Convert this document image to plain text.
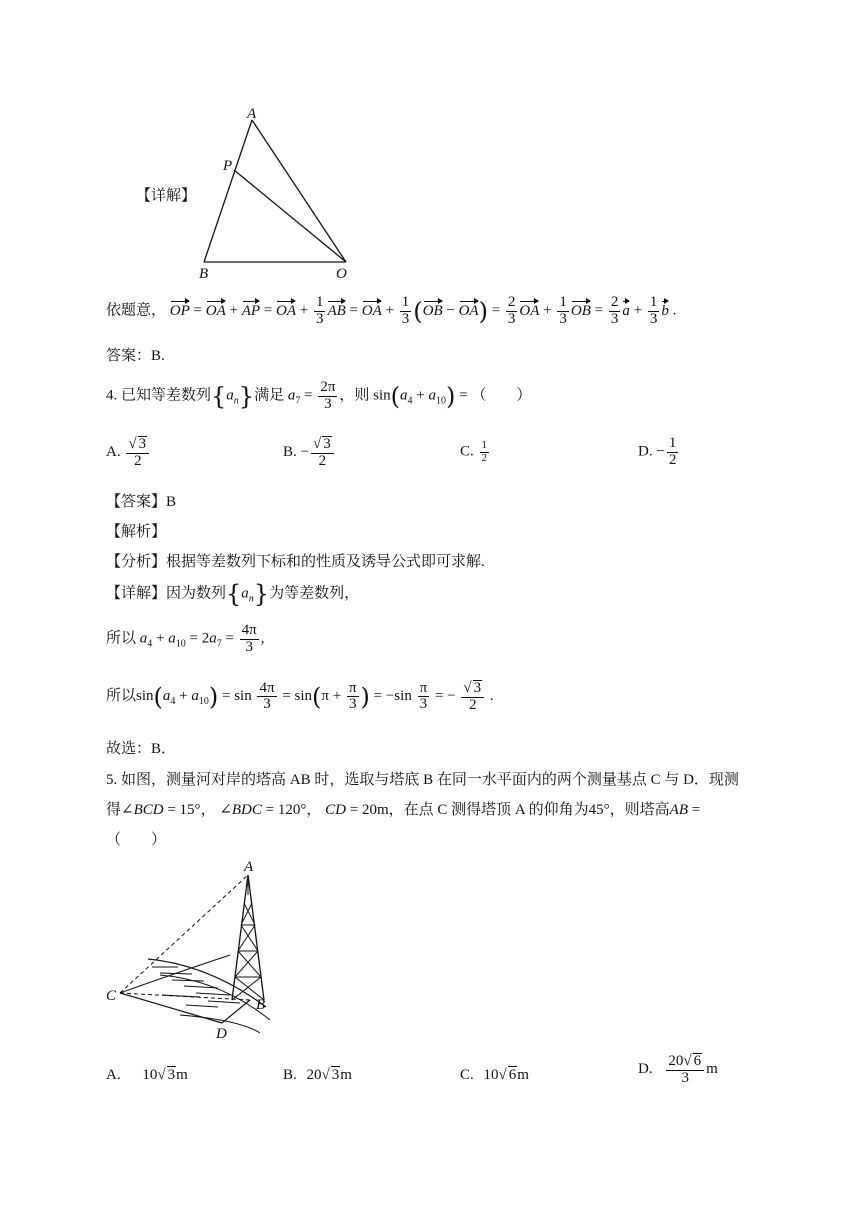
【详解】
A
P
B	O
依题意， OP = OA + AP = OA + $\frac{1}{3}$ AB = OA + $\frac{1}{3} (OB - OA) = \frac{2}{3}$ OA + $\frac{1}{3}$ OB = $\frac{2}{3}$ $a + \frac{1}{3}$ b .
答案：B.
4. 已知等差数列$\{a_n\}$满足 $a_7 = \frac{2\pi}{3}$ ，则 $\sin(a_4 + a_{10})$ = （　　）
A. √ $\frac{3}{2}$	B. − √ $\frac{3}{2}$	C. $\frac{1}{2}$	D. − $\frac{1}{2}$
【答案】B
【解析】
【分析】根据等差数列下标和的性质及诱导公式即可求解.
【详解】因为数列$\{a_n\}$为等差数列，
所以 $a_4 + a_{10} = 2a_7 = \frac{4\pi}{3}$ ,
所以$\sin(a_4 + a_{10}) = \sin \frac{4\pi}{3} = \sin(\pi + \frac{\pi}{3}$ ) = $-\sin \frac{\pi}{3}$ = − √ $\frac{3}{2}$ .
故选：B．
5. 如图，测量河对岸的塔高 AB 时，选取与塔底 B 在同一水平面内的两个测量基点 C 与 D．现测
得∠BCD = 15°， ∠BDC = 120°， CD = 20m，在点 C 测得塔顶 A 的仰角为45°，则塔高AB =
（　　）
A
B
C
D
A. 10 √ 3m	B. 20 √ 3m	C. 10 √ 6m	D. $\frac{20 √ 6}{3}$ m
